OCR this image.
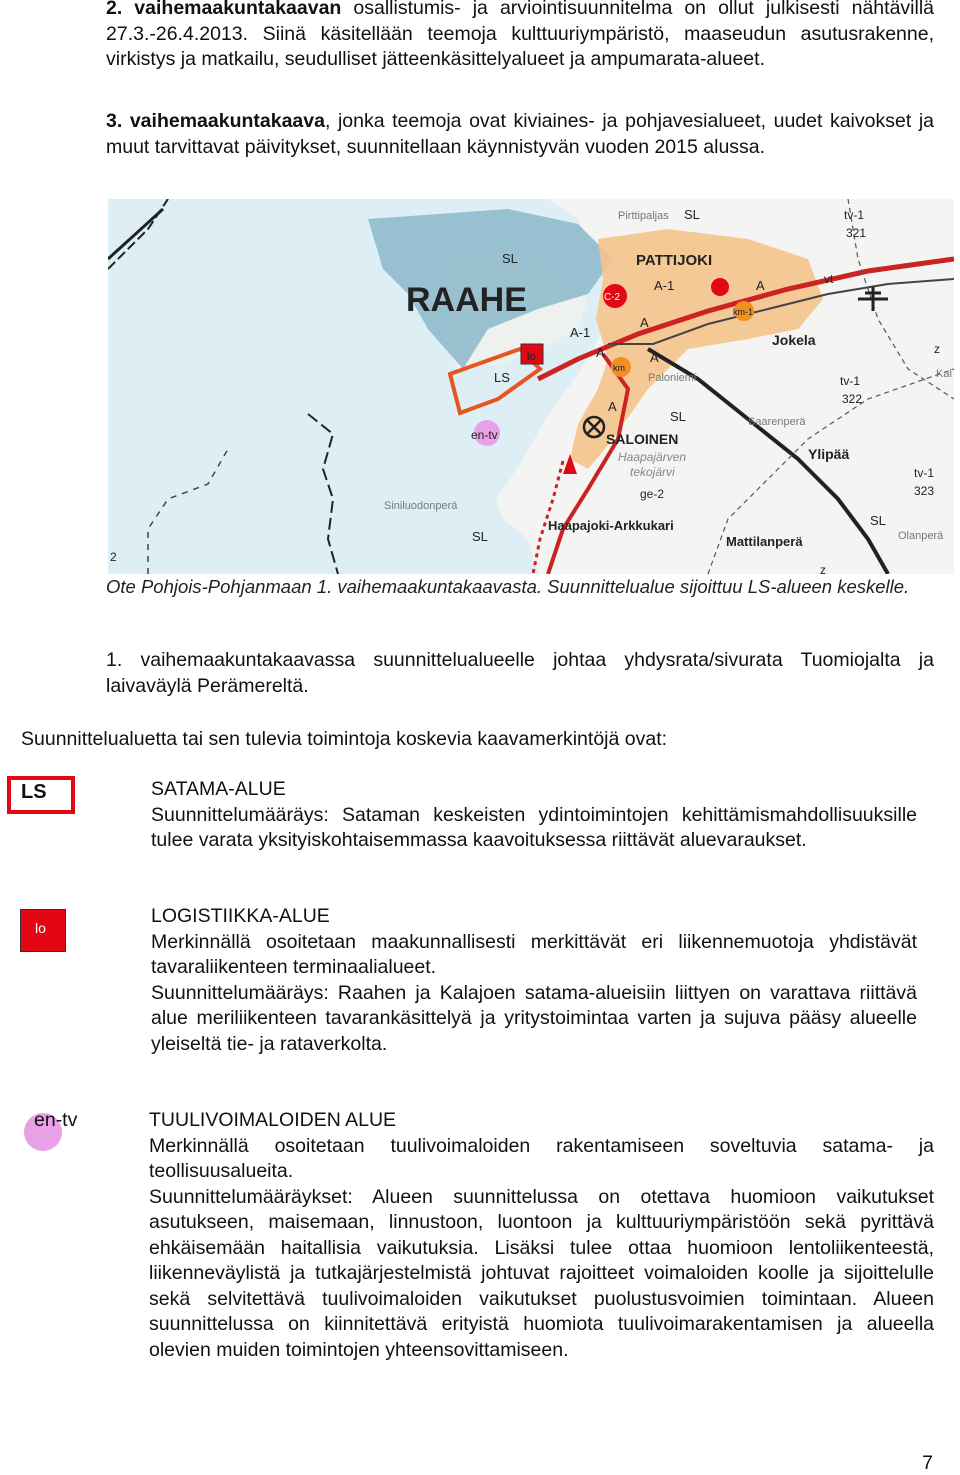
2. vaihemaakuntakaavan osallistumis- ja arviointisuunnitelma on ollut julkisesti nähtävillä 27.3.-26.4.2013. Siinä käsitellään teemoja kulttuuriympäristö, maaseudun asutusrakenne, virkistys ja matkailu, seudulliset jätteenkäsittelyalueet ja ampumarata-alueet.

3. vaihemaakuntakaava, jonka teemoja ovat kiviaines- ja pohjavesialueet, uudet kaivokset ja muut tarvittavat päivitykset, suunnitellaan käynnistyvän vuoden 2015 alussa.

RAAHE
PATTIJOKI
SALOINEN
Jokela
Ylipää
Haapajoki-Arkkukari
Mattilanperä
Pirttipaljas
Siniluodonperä
Saarenperä
Paloniemi
Haapajärven
tekojärvi
Olanperä
SL
SL
SL
SL
SL
LS
lo
en-tv
A-1
A-1
A
A
A
A
A
C-2
km-1
km
vt
tv-1
321
tv-1
322
tv-1
323
ge-2
z
z
Kal
2
Ote Pohjois-Pohjanmaan 1. vaihemaakuntakaavasta. Suunnittelualue sijoittuu LS-alueen keskelle.

1. vaihemaakuntakaavassa suunnittelualueelle johtaa yhdysrata/sivurata Tuomiojalta ja laivaväylä Perämereltä.

Suunnittelualuetta tai sen tulevia toimintoja koskevia kaavamerkintöjä ovat:
LS	SATAMA-ALUE
Suunnittelumääräys: Sataman keskeisten ydintoimintojen kehittämismahdollisuuksille tulee varata yksityiskohtaisemmassa kaavoituksessa riittävät aluevaraukset.
lo
LOGISTIIKKA-ALUE
Merkinnällä osoitetaan maakunnallisesti merkittävät eri liikennemuotoja yhdistävät tavaraliikenteen terminaalialueet.
Suunnittelumääräys: Raahen ja Kalajoen satama-alueisiin liittyen on varattava riittävä alue meriliikenteen tavarankäsittelyä ja yritystoimintaa varten ja sujuva pääsy alueelle yleiseltä tie- ja rataverkolta.
en-tv	TUULIVOIMALOIDEN ALUE
Merkinnällä osoitetaan tuulivoimaloiden rakentamiseen soveltuvia satama- ja teollisuusalueita.
Suunnittelumääräykset: Alueen suunnittelussa on otettava huomioon vaikutukset asutukseen, maisemaan, linnustoon, luontoon ja kulttuuriympäristöön sekä pyrittävä ehkäisemään haitallisia vaikutuksia. Lisäksi tulee ottaa huomioon lentoliikenteestä, liikenneväylistä ja tutkajärjestelmistä johtuvat rajoitteet voimaloiden koolle ja sijoittelulle sekä selvitettävä tuulivoimaloiden vaikutukset puolustusvoimien toimintaan. Alueen suunnittelussa on kiinnitettävä erityistä huomiota tuulivoimarakentamisen ja alueella olevien muiden toimintojen yhteensovittamiseen.
7
